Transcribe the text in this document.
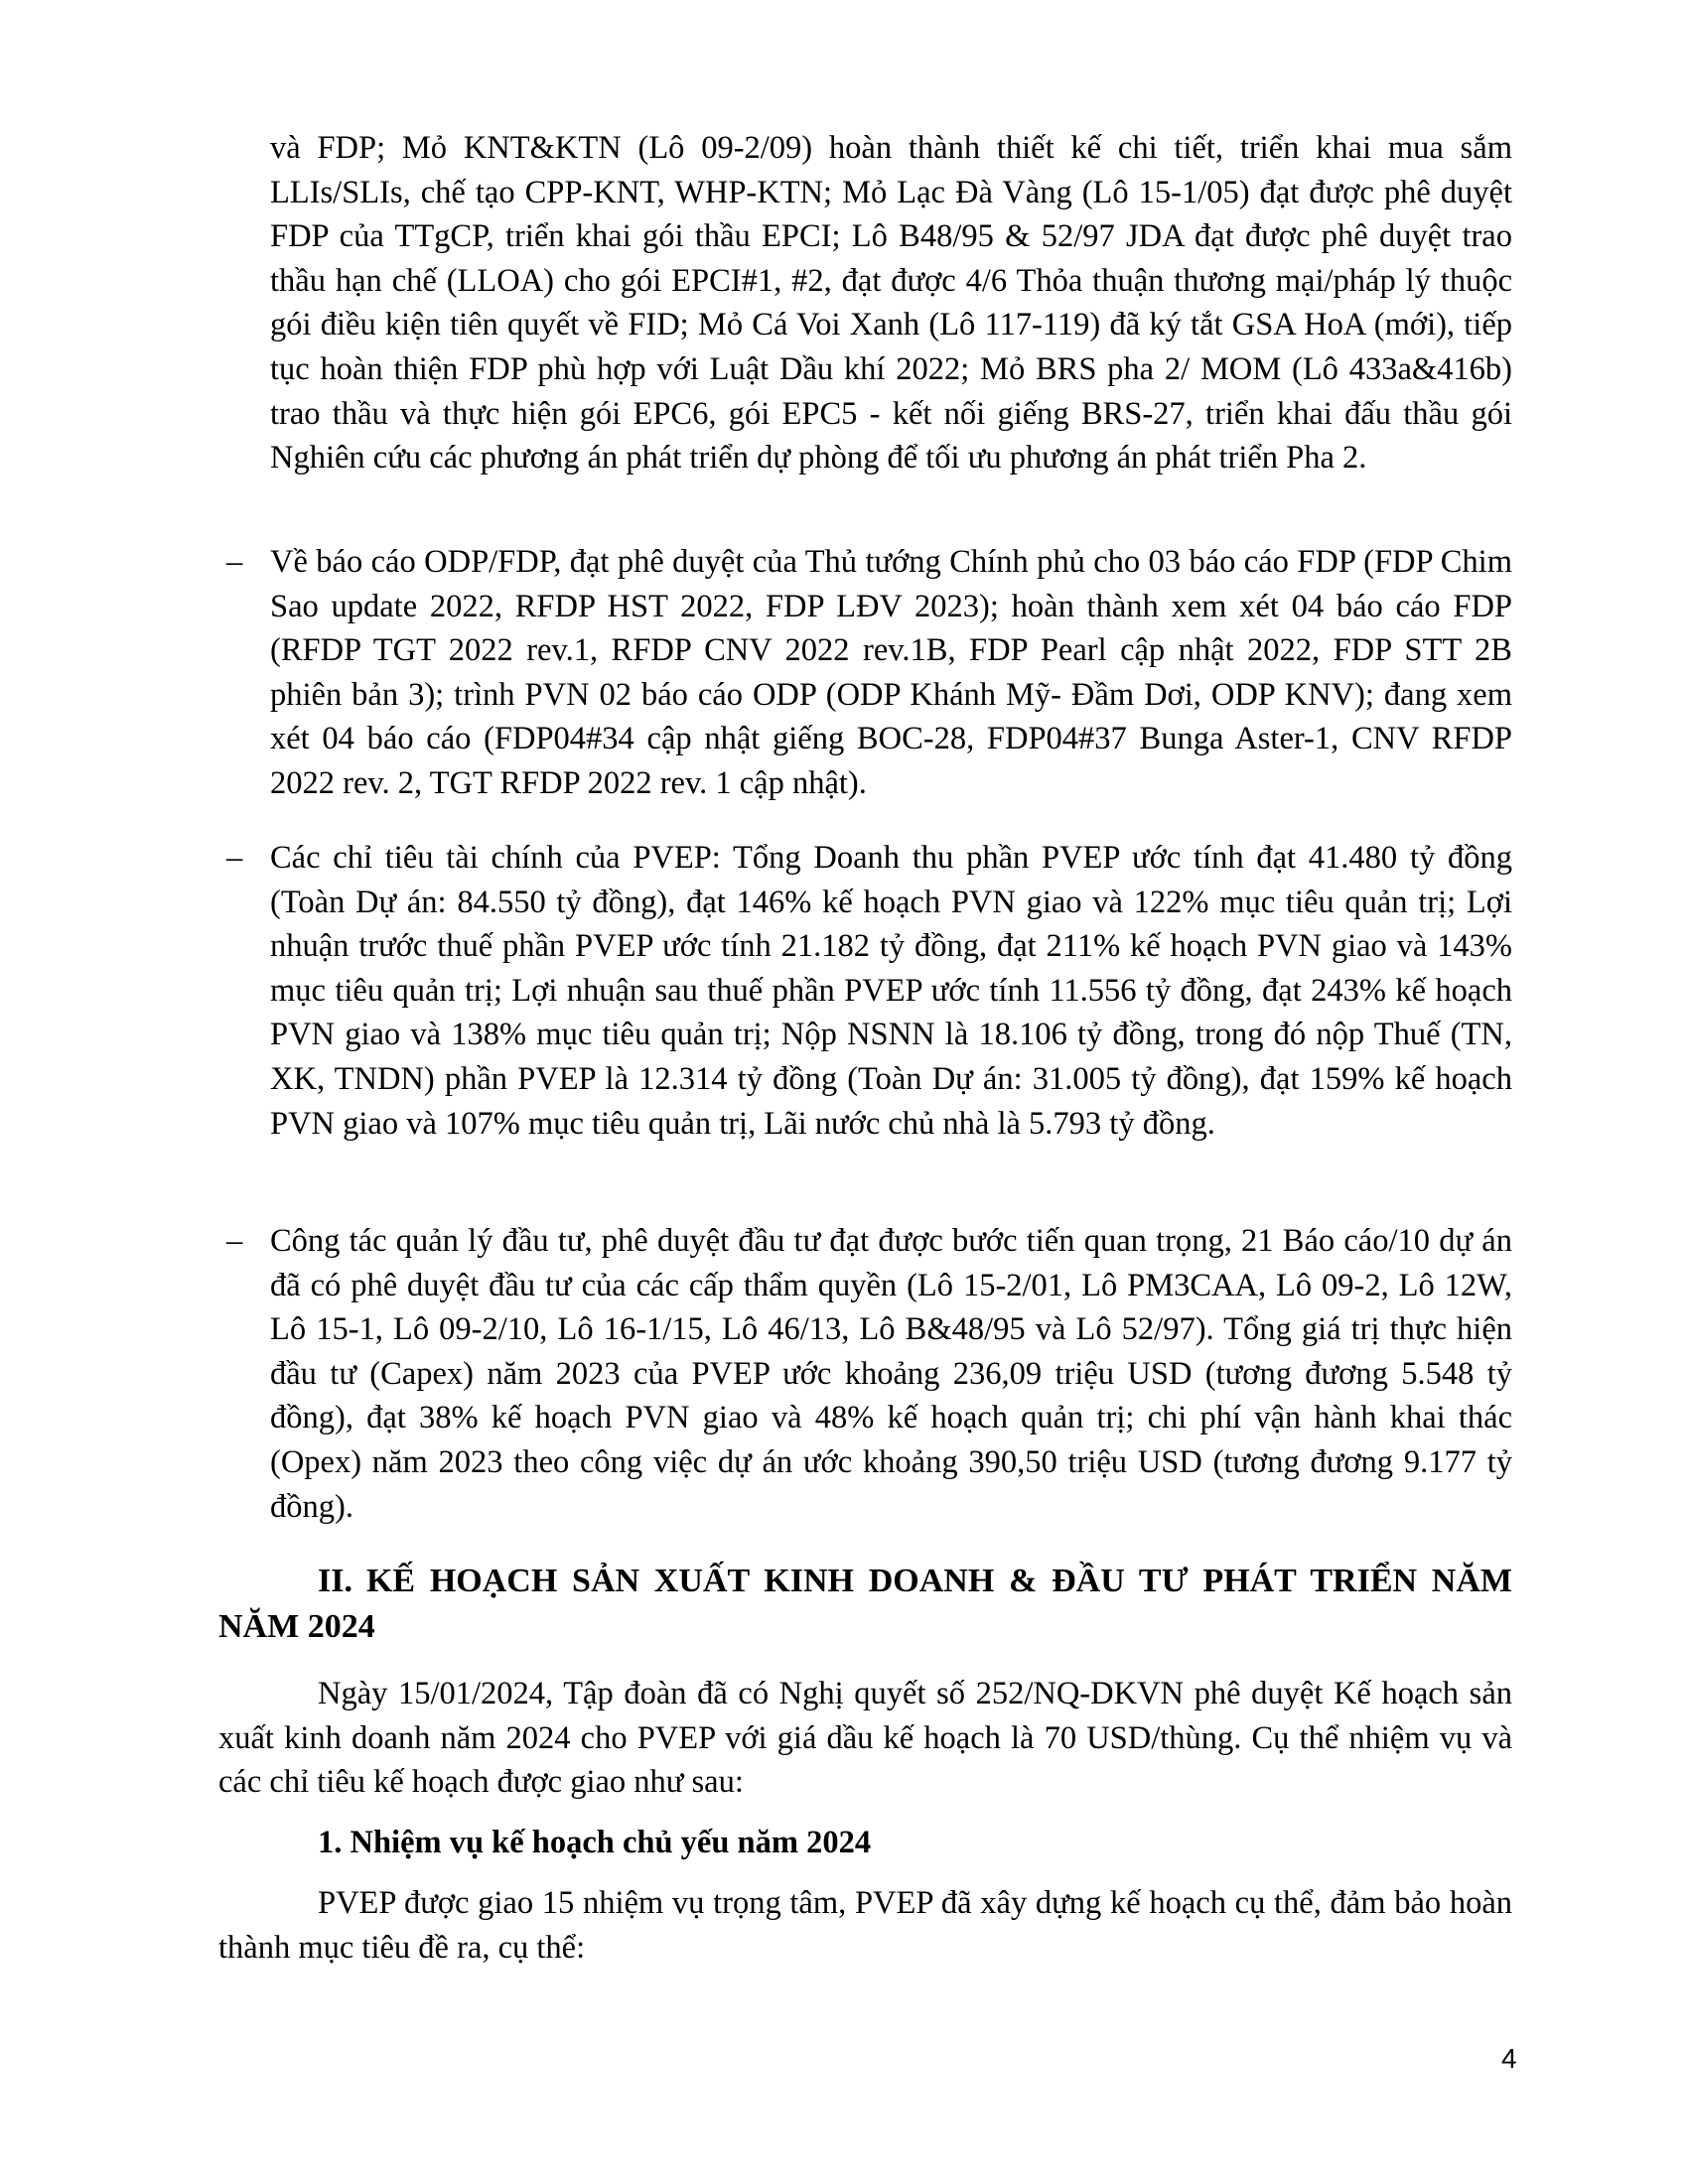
và FDP; Mỏ KNT&KTN (Lô 09-2/09) hoàn thành thiết kế chi tiết, triển khai mua sắm LLIs/SLIs, chế tạo CPP-KNT, WHP-KTN; Mỏ Lạc Đà Vàng (Lô 15-1/05) đạt được phê duyệt FDP của TTgCP, triển khai gói thầu EPCI; Lô B48/95 & 52/97 JDA đạt được phê duyệt trao thầu hạn chế (LLOA) cho gói EPCI#1, #2, đạt được 4/6 Thỏa thuận thương mại/pháp lý thuộc gói điều kiện tiên quyết về FID; Mỏ Cá Voi Xanh (Lô 117-119) đã ký tắt GSA HoA (mới), tiếp tục hoàn thiện FDP phù hợp với Luật Dầu khí 2022; Mỏ BRS pha 2/ MOM (Lô 433a&416b) trao thầu và thực hiện gói EPC6, gói EPC5 - kết nối giếng BRS-27, triển khai đấu thầu gói Nghiên cứu các phương án phát triển dự phòng để tối ưu phương án phát triển Pha 2.

– Về báo cáo ODP/FDP, đạt phê duyệt của Thủ tướng Chính phủ cho 03 báo cáo FDP (FDP Chim Sao update 2022, RFDP HST 2022, FDP LĐV 2023); hoàn thành xem xét 04 báo cáo FDP (RFDP TGT 2022 rev.1, RFDP CNV 2022 rev.1B, FDP Pearl cập nhật 2022, FDP STT 2B phiên bản 3); trình PVN 02 báo cáo ODP (ODP Khánh Mỹ- Đầm Dơi, ODP KNV); đang xem xét 04 báo cáo (FDP04#34 cập nhật giếng BOC-28, FDP04#37 Bunga Aster-1, CNV RFDP 2022 rev. 2, TGT RFDP 2022 rev. 1 cập nhật).
– Các chỉ tiêu tài chính của PVEP: Tổng Doanh thu phần PVEP ước tính đạt 41.480 tỷ đồng (Toàn Dự án: 84.550 tỷ đồng), đạt 146% kế hoạch PVN giao và 122% mục tiêu quản trị; Lợi nhuận trước thuế phần PVEP ước tính 21.182 tỷ đồng, đạt 211% kế hoạch PVN giao và 143% mục tiêu quản trị; Lợi nhuận sau thuế phần PVEP ước tính 11.556 tỷ đồng, đạt 243% kế hoạch PVN giao và 138% mục tiêu quản trị; Nộp NSNN là 18.106 tỷ đồng, trong đó nộp Thuế (TN, XK, TNDN) phần PVEP là 12.314 tỷ đồng (Toàn Dự án: 31.005 tỷ đồng), đạt 159% kế hoạch PVN giao và 107% mục tiêu quản trị, Lãi nước chủ nhà là 5.793 tỷ đồng.
– Công tác quản lý đầu tư, phê duyệt đầu tư đạt được bước tiến quan trọng, 21 Báo cáo/10 dự án đã có phê duyệt đầu tư của các cấp thẩm quyền (Lô 15-2/01, Lô PM3CAA, Lô 09-2, Lô 12W, Lô 15-1, Lô 09-2/10, Lô 16-1/15, Lô 46/13, Lô B&48/95 và Lô 52/97). Tổng giá trị thực hiện đầu tư (Capex) năm 2023 của PVEP ước khoảng 236,09 triệu USD (tương đương 5.548 tỷ đồng), đạt 38% kế hoạch PVN giao và 48% kế hoạch quản trị; chi phí vận hành khai thác (Opex) năm 2023 theo công việc dự án ước khoảng 390,50 triệu USD (tương đương 9.177 tỷ đồng).
II. KẾ HOẠCH SẢN XUẤT KINH DOANH & ĐẦU TƯ PHÁT TRIỂN NĂM NĂM 2024

Ngày 15/01/2024, Tập đoàn đã có Nghị quyết số 252/NQ-DKVN phê duyệt Kế hoạch sản xuất kinh doanh năm 2024 cho PVEP với giá dầu kế hoạch là 70 USD/thùng. Cụ thể nhiệm vụ và các chỉ tiêu kế hoạch được giao như sau:

1. Nhiệm vụ kế hoạch chủ yếu năm 2024

PVEP được giao 15 nhiệm vụ trọng tâm, PVEP đã xây dựng kế hoạch cụ thể, đảm bảo hoàn thành mục tiêu đề ra, cụ thể:

4
